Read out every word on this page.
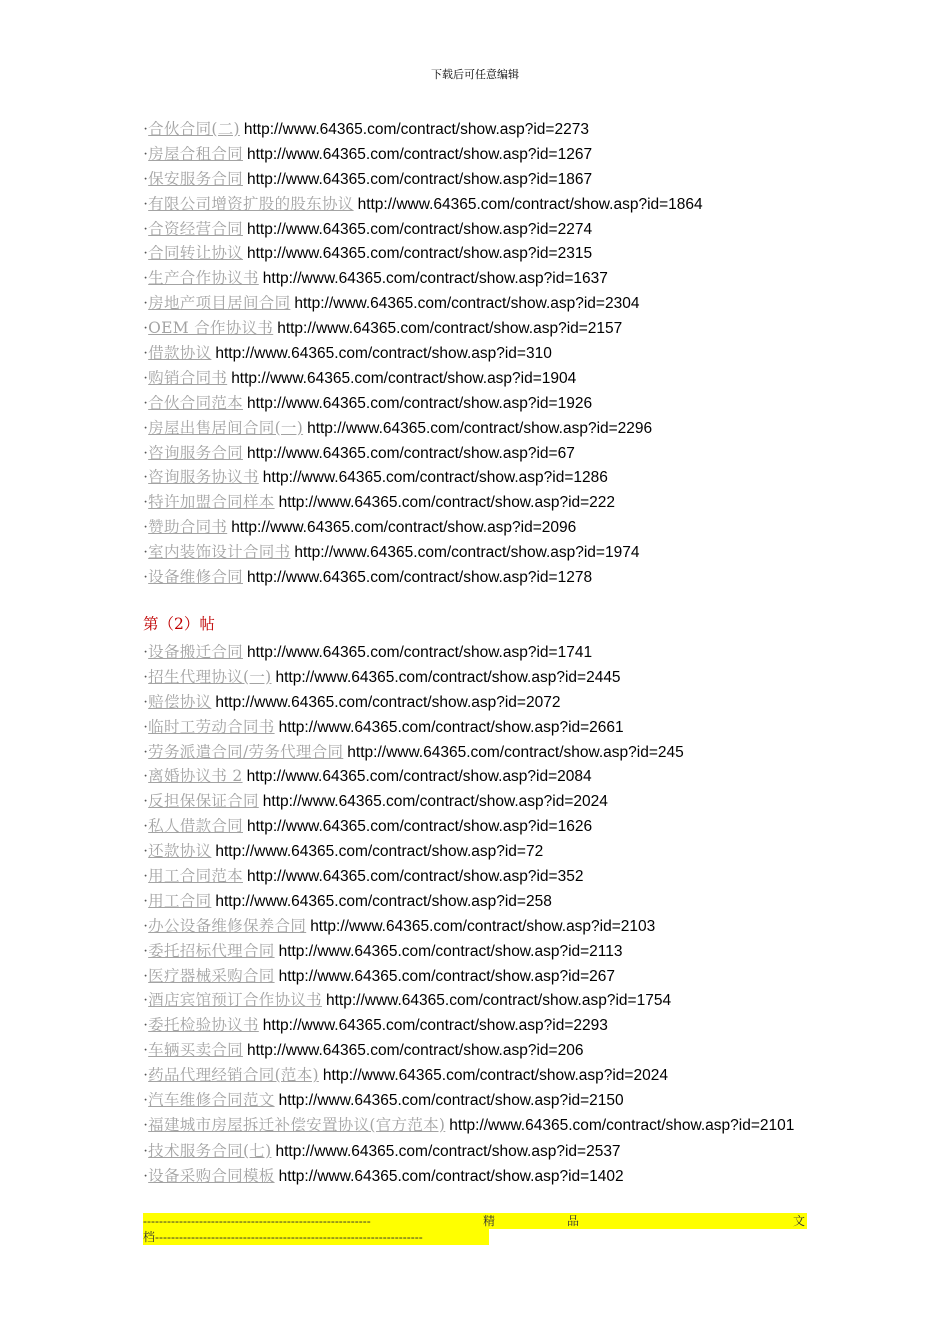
下载后可任意编辑
·合伙合同(二) http://www.64365.com/contract/show.asp?id=2273
·房屋合租合同 http://www.64365.com/contract/show.asp?id=1267
·保安服务合同 http://www.64365.com/contract/show.asp?id=1867
·有限公司增资扩股的股东协议 http://www.64365.com/contract/show.asp?id=1864
·合资经营合同 http://www.64365.com/contract/show.asp?id=2274
·合同转让协议 http://www.64365.com/contract/show.asp?id=2315
·生产合作协议书 http://www.64365.com/contract/show.asp?id=1637
·房地产项目居间合同 http://www.64365.com/contract/show.asp?id=2304
·OEM 合作协议书 http://www.64365.com/contract/show.asp?id=2157
·借款协议 http://www.64365.com/contract/show.asp?id=310
·购销合同书 http://www.64365.com/contract/show.asp?id=1904
·合伙合同范本 http://www.64365.com/contract/show.asp?id=1926
·房屋出售居间合同(一) http://www.64365.com/contract/show.asp?id=2296
·咨询服务合同 http://www.64365.com/contract/show.asp?id=67
·咨询服务协议书 http://www.64365.com/contract/show.asp?id=1286
·特许加盟合同样本 http://www.64365.com/contract/show.asp?id=222
·赞助合同书 http://www.64365.com/contract/show.asp?id=2096
·室内装饰设计合同书 http://www.64365.com/contract/show.asp?id=1974
·设备维修合同 http://www.64365.com/contract/show.asp?id=1278
第（2）帖
·设备搬迁合同 http://www.64365.com/contract/show.asp?id=1741
·招生代理协议(一) http://www.64365.com/contract/show.asp?id=2445
·赔偿协议 http://www.64365.com/contract/show.asp?id=2072
·临时工劳动合同书 http://www.64365.com/contract/show.asp?id=2661
·劳务派遣合同/劳务代理合同 http://www.64365.com/contract/show.asp?id=245
·离婚协议书 2 http://www.64365.com/contract/show.asp?id=2084
·反担保保证合同 http://www.64365.com/contract/show.asp?id=2024
·私人借款合同 http://www.64365.com/contract/show.asp?id=1626
·还款协议 http://www.64365.com/contract/show.asp?id=72
·用工合同范本 http://www.64365.com/contract/show.asp?id=352
·用工合同 http://www.64365.com/contract/show.asp?id=258
·办公设备维修保养合同 http://www.64365.com/contract/show.asp?id=2103
·委托招标代理合同 http://www.64365.com/contract/show.asp?id=2113
·医疗器械采购合同 http://www.64365.com/contract/show.asp?id=267
·酒店宾馆预订合作协议书 http://www.64365.com/contract/show.asp?id=1754
·委托检验协议书 http://www.64365.com/contract/show.asp?id=2293
·车辆买卖合同 http://www.64365.com/contract/show.asp?id=206
·药品代理经销合同(范本) http://www.64365.com/contract/show.asp?id=2024
·汽车维修合同范文 http://www.64365.com/contract/show.asp?id=2150
·福建城市房屋拆迁补偿安置协议(官方范本) http://www.64365.com/contract/show.asp?id=2101
·技术服务合同(七) http://www.64365.com/contract/show.asp?id=2537
·设备采购合同模板 http://www.64365.com/contract/show.asp?id=1402
---------------------------------------------------------	精	品	文
档-------------------------------------------------------------------
